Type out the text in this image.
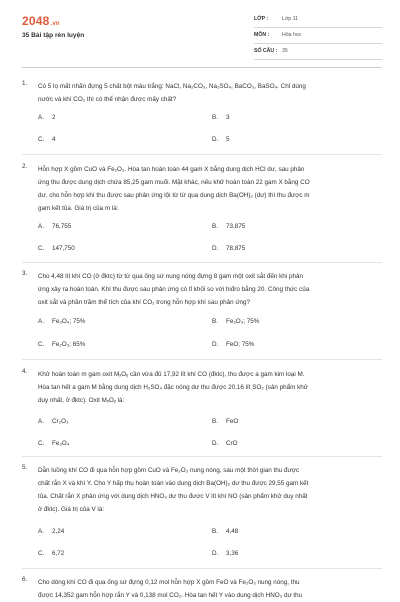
2048.vn
35 Bài tập rèn luyện
LỚP :	Lớp 11
MÔN : Hóa học
SỐ CÂU : 35
1.	Có 5 lọ mất nhãn đựng 5 chất bột màu trắng: NaCl, Na₂CO₃, Na₂SO₄, BaCO₃, BaSO₄. Chỉ dùng
nước và khí CO₂ thì có thể nhận được mấy chất?
A. 2	B. 3
C. 4	D. 5
2.	Hỗn hợp X gồm CuO và Fe₂O₃. Hòa tan hoàn toàn 44 gam X bằng dung dịch HCl dư, sau phản
ứng thu được dung dịch chứa 85,25 gam muối. Mặt khác, nếu khử hoàn toàn 22 gam X bằng CO
dư, cho hỗn hợp khí thu được sau phản ứng lội từ từ qua dung dịch Ba(OH)₂ (dư) thì thu được m
gam kết tủa. Giá trị của m là:
A. 76,755	B. 73,875
C. 147,750	D. 78,875
3.	Cho 4,48 lít khí CO (ở đktc) từ từ qua ống sứ nung nóng đựng 8 gam một oxit sắt đến khi phản
ứng xảy ra hoàn toàn. Khí thu được sau phản ứng có tỉ khối so với hiđro bằng 20. Công thức của
oxit sắt và phần trăm thể tích của khí CO₂ trong hỗn hợp khí sau phản ứng?
A. Fe₃O₄; 75%	B. Fe₂O₃; 75%
C. Fe₂O₃; 65%	D. FeO; 75%
4.	Khử hoàn toàn m gam oxit MₓOᵧ cần vừa đủ 17,92 lít khí CO (đktc), thu được a gam kim loại M.
Hòa tan hết a gam M bằng dung dịch H₂SO₄ đặc nóng dư thu được 20,16 lít SO₂ (sản phẩm khử
duy nhất, ở đktc). Oxit MₓOᵧ là:
A. Cr₂O₃	B. FeO
C. Fe₃O₄	D. CrO
5.	Dẫn luồng khí CO đi qua hỗn hợp gồm CuO và Fe₂O₃ nung nóng, sau một thời gian thu được
chất rắn X và khí Y. Cho Y hấp thụ hoàn toàn vào dung dịch Ba(OH)₂ dư thu được 29,55 gam kết
tủa. Chất rắn X phản ứng với dung dịch HNO₃ dư thu được V lít khí NO (sản phẩm khử duy nhất
ở đktc). Giá trị của V là:
A. 2,24	B. 4,48
C. 6,72	D. 3,36
6.	Cho dòng khí CO đi qua ống sứ đựng 0,12 mol hỗn hợp X gồm FeO và Fe₂O₃ nung nóng, thu
được 14,352 gam hỗn hợp rắn Y và 0,138 mol CO₂. Hòa tan hết Y vào dung dịch HNO₃ dư thu
